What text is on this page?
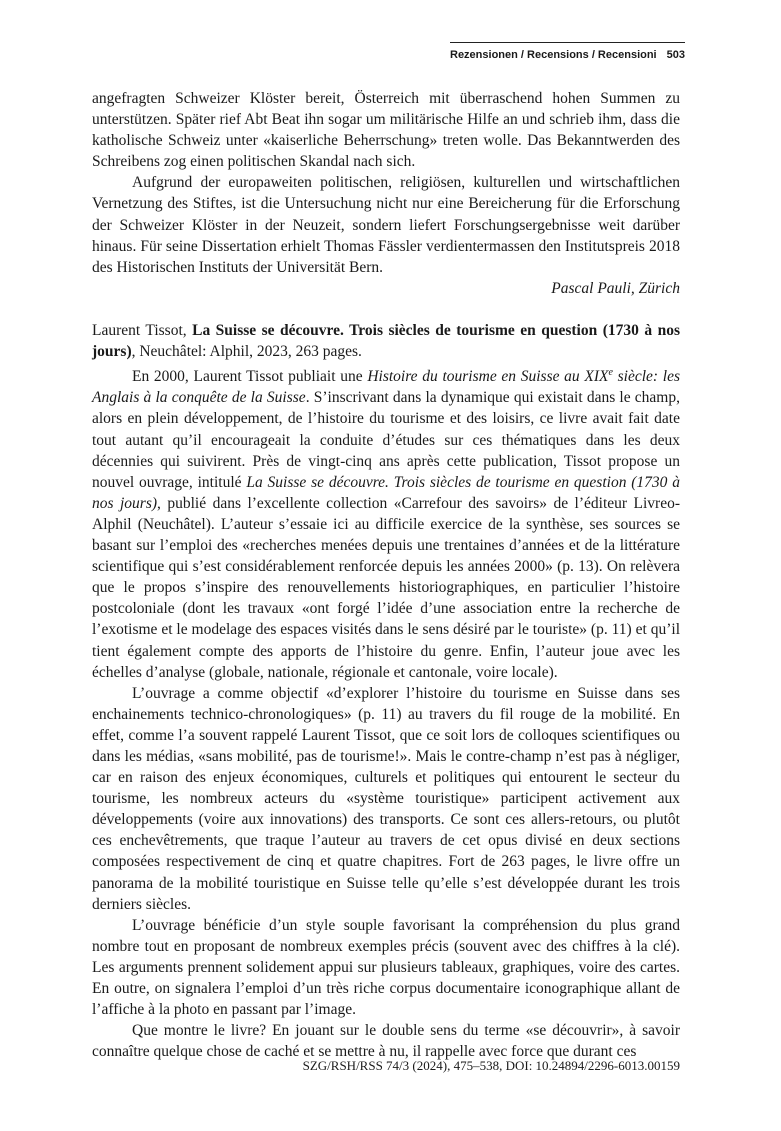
Rezensionen / Recensions / Recensioni 503

angefragten Schweizer Klöster bereit, Österreich mit überraschend hohen Summen zu unterstützen. Später rief Abt Beat ihn sogar um militärische Hilfe an und schrieb ihm, dass die katholische Schweiz unter «kaiserliche Beherrschung» treten wolle. Das Bekanntwerden des Schreibens zog einen politischen Skandal nach sich.

Aufgrund der europaweiten politischen, religiösen, kulturellen und wirtschaftlichen Vernetzung des Stiftes, ist die Untersuchung nicht nur eine Bereicherung für die Erforschung der Schweizer Klöster in der Neuzeit, sondern liefert Forschungsergebnisse weit darüber hinaus. Für seine Dissertation erhielt Thomas Fässler verdientermassen den Institutspreis 2018 des Historischen Instituts der Universität Bern.

Pascal Pauli, Zürich

Laurent Tissot, La Suisse se découvre. Trois siècles de tourisme en question (1730 à nos jours), Neuchâtel: Alphil, 2023, 263 pages.

En 2000, Laurent Tissot publiait une Histoire du tourisme en Suisse au XIXe siècle: les Anglais à la conquête de la Suisse. S’inscrivant dans la dynamique qui existait dans le champ, alors en plein développement, de l’histoire du tourisme et des loisirs, ce livre avait fait date tout autant qu’il encourageait la conduite d’études sur ces thématiques dans les deux décennies qui suivirent. Près de vingt-cinq ans après cette publication, Tissot propose un nouvel ouvrage, intitulé La Suisse se découvre. Trois siècles de tourisme en question (1730 à nos jours), publié dans l’excellente collection «Carrefour des savoirs» de l’éditeur Livreo-Alphil (Neuchâtel). L’auteur s’essaie ici au difficile exercice de la synthèse, ses sources se basant sur l’emploi des «recherches menées depuis une trentaines d’années et de la littérature scientifique qui s’est considérablement renforcée depuis les années 2000» (p. 13). On relèvera que le propos s’inspire des renouvellements historiographiques, en particulier l’histoire postcoloniale (dont les travaux «ont forgé l’idée d’une association entre la recherche de l’exotisme et le modelage des espaces visités dans le sens désiré par le touriste» (p. 11) et qu’il tient également compte des apports de l’histoire du genre. Enfin, l’auteur joue avec les échelles d’analyse (globale, nationale, régionale et cantonale, voire locale).

L’ouvrage a comme objectif «d’explorer l’histoire du tourisme en Suisse dans ses enchainements technico-chronologiques» (p. 11) au travers du fil rouge de la mobilité. En effet, comme l’a souvent rappelé Laurent Tissot, que ce soit lors de colloques scientifiques ou dans les médias, «sans mobilité, pas de tourisme!». Mais le contre-champ n’est pas à négliger, car en raison des enjeux économiques, culturels et politiques qui entourent le secteur du tourisme, les nombreux acteurs du «système touristique» participent activement aux développements (voire aux innovations) des transports. Ce sont ces allers-retours, ou plutôt ces enchevêtrements, que traque l’auteur au travers de cet opus divisé en deux sections composées respectivement de cinq et quatre chapitres. Fort de 263 pages, le livre offre un panorama de la mobilité touristique en Suisse telle qu’elle s’est développée durant les trois derniers siècles.

L’ouvrage bénéficie d’un style souple favorisant la compréhension du plus grand nombre tout en proposant de nombreux exemples précis (souvent avec des chiffres à la clé). Les arguments prennent solidement appui sur plusieurs tableaux, graphiques, voire des cartes. En outre, on signalera l’emploi d’un très riche corpus documentaire iconographique allant de l’affiche à la photo en passant par l’image.

Que montre le livre? En jouant sur le double sens du terme «se découvrir», à savoir connaître quelque chose de caché et se mettre à nu, il rappelle avec force que durant ces

SZG/RSH/RSS 74/3 (2024), 475–538, DOI: 10.24894/2296-6013.00159
